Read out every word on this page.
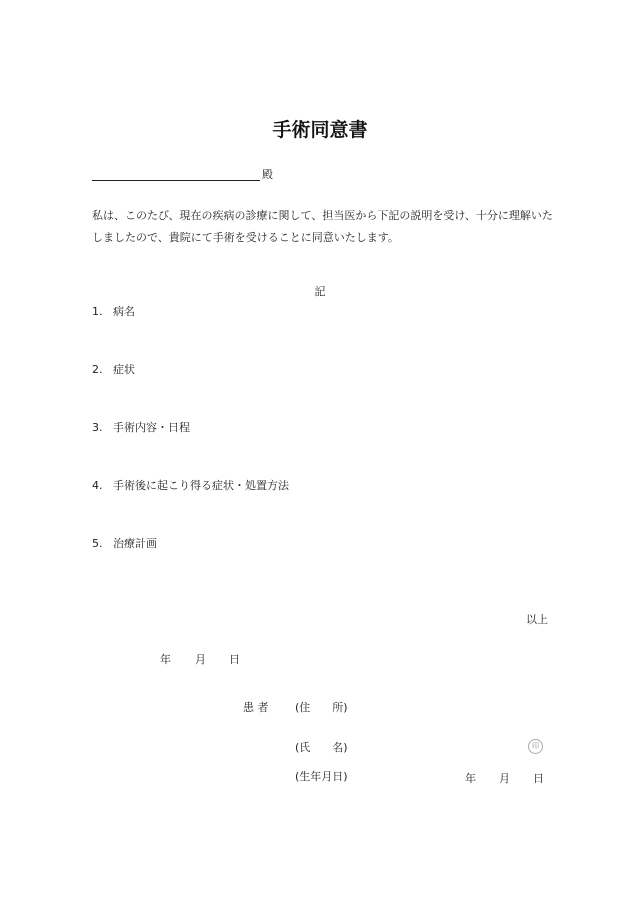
手術同意書
殿
私は、このたび、現在の疾病の診療に関して、担当医から下記の説明を受け、十分に理解いたしましたので、貴院にて手術を受けることに同意いたします。
記
1. 病名
2. 症状
3. 手術内容・日程
4. 手術後に起こり得る症状・処置方法
5. 治療計画
以上
年 月 日
患 者 (住　　所)
(氏　　名)	印
(生年月日)	年 月 日
